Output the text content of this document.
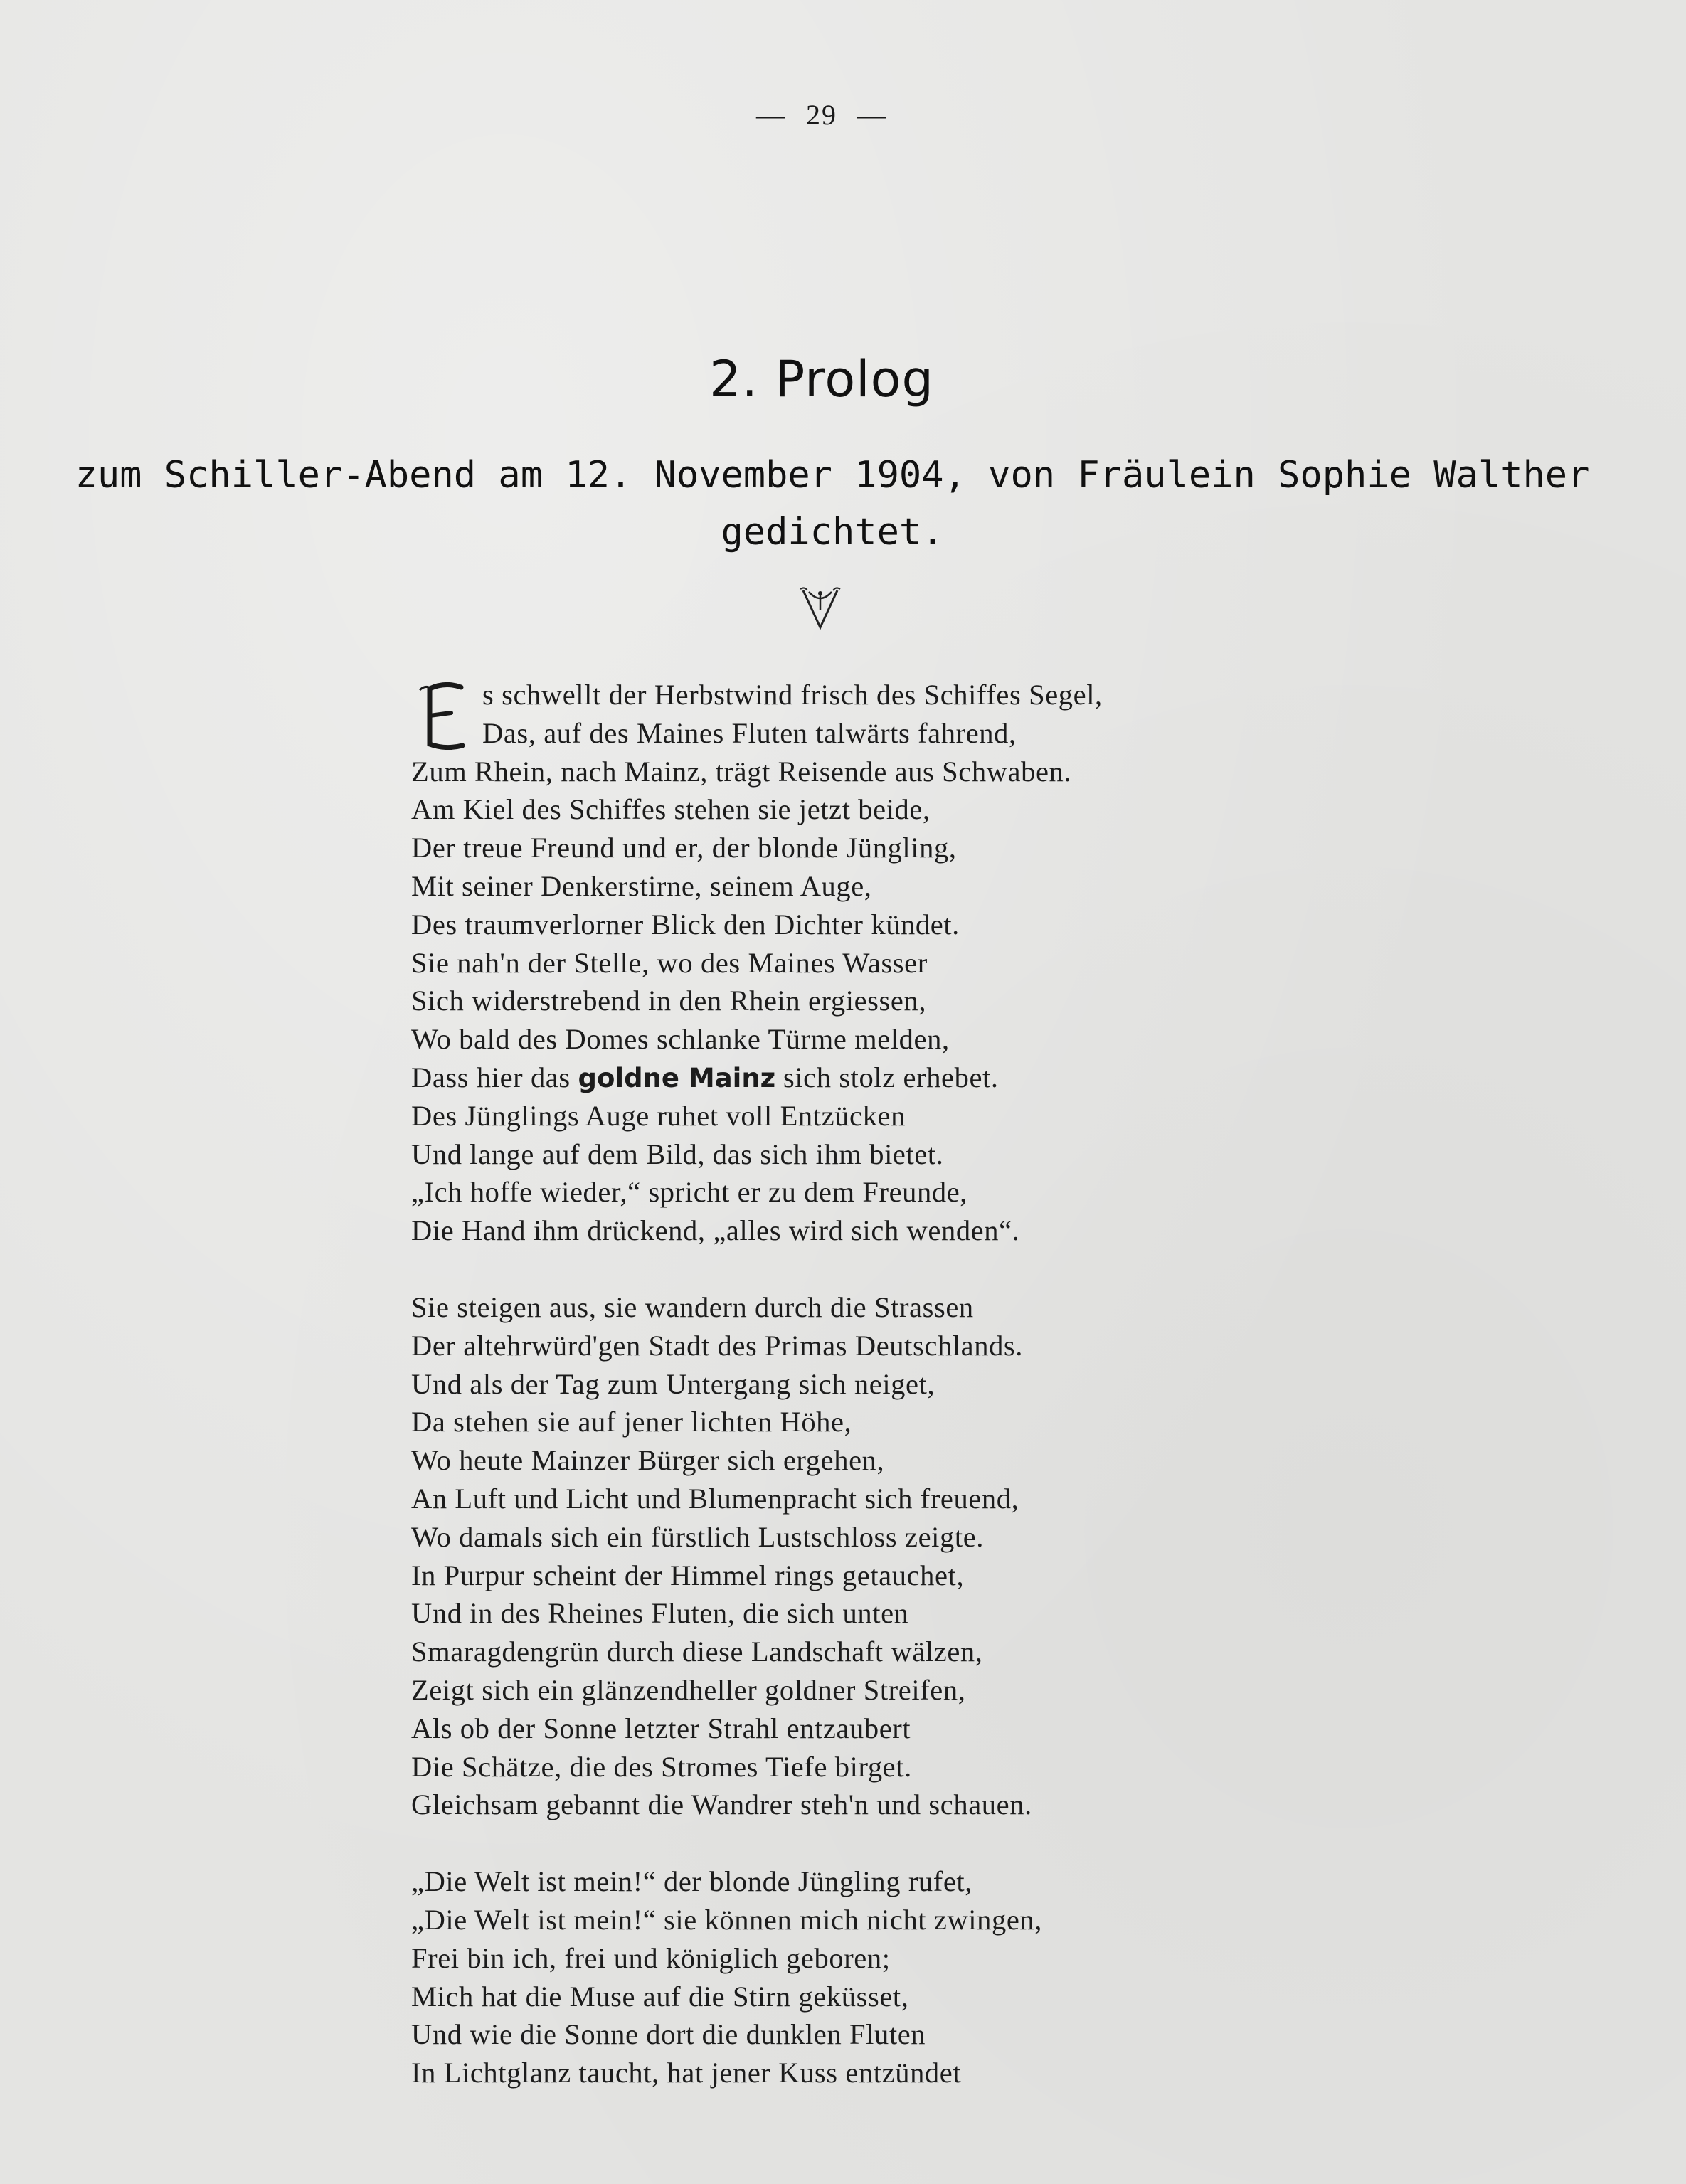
— 29 —
2. Prolog
zum Schiller-Abend am 12. November 1904, von Fräulein Sophie Walther
gedichtet.
s schwellt der Herbstwind frisch des Schiffes Segel,
Das, auf des Maines Fluten talwärts fahrend,
Zum Rhein, nach Mainz, trägt Reisende aus Schwaben.
Am Kiel des Schiffes stehen sie jetzt beide,
Der treue Freund und er, der blonde Jüngling,
Mit seiner Denkerstirne, seinem Auge,
Des traumverlorner Blick den Dichter kündet.
Sie nah'n der Stelle, wo des Maines Wasser
Sich widerstrebend in den Rhein ergiessen,
Wo bald des Domes schlanke Türme melden,
Dass hier das goldne Mainz sich stolz erhebet.
Des Jünglings Auge ruhet voll Entzücken
Und lange auf dem Bild, das sich ihm bietet.
„Ich hoffe wieder,“ spricht er zu dem Freunde,
Die Hand ihm drückend, „alles wird sich wenden“.
Sie steigen aus, sie wandern durch die Strassen
Der altehrwürd'gen Stadt des Primas Deutschlands.
Und als der Tag zum Untergang sich neiget,
Da stehen sie auf jener lichten Höhe,
Wo heute Mainzer Bürger sich ergehen,
An Luft und Licht und Blumenpracht sich freuend,
Wo damals sich ein fürstlich Lustschloss zeigte.
In Purpur scheint der Himmel rings getauchet,
Und in des Rheines Fluten, die sich unten
Smaragdengrün durch diese Landschaft wälzen,
Zeigt sich ein glänzendheller goldner Streifen,
Als ob der Sonne letzter Strahl entzaubert
Die Schätze, die des Stromes Tiefe birget.
Gleichsam gebannt die Wandrer steh'n und schauen.
„Die Welt ist mein!“ der blonde Jüngling rufet,
„Die Welt ist mein!“ sie können mich nicht zwingen,
Frei bin ich, frei und königlich geboren;
Mich hat die Muse auf die Stirn geküsset,
Und wie die Sonne dort die dunklen Fluten
In Lichtglanz taucht, hat jener Kuss entzündet
